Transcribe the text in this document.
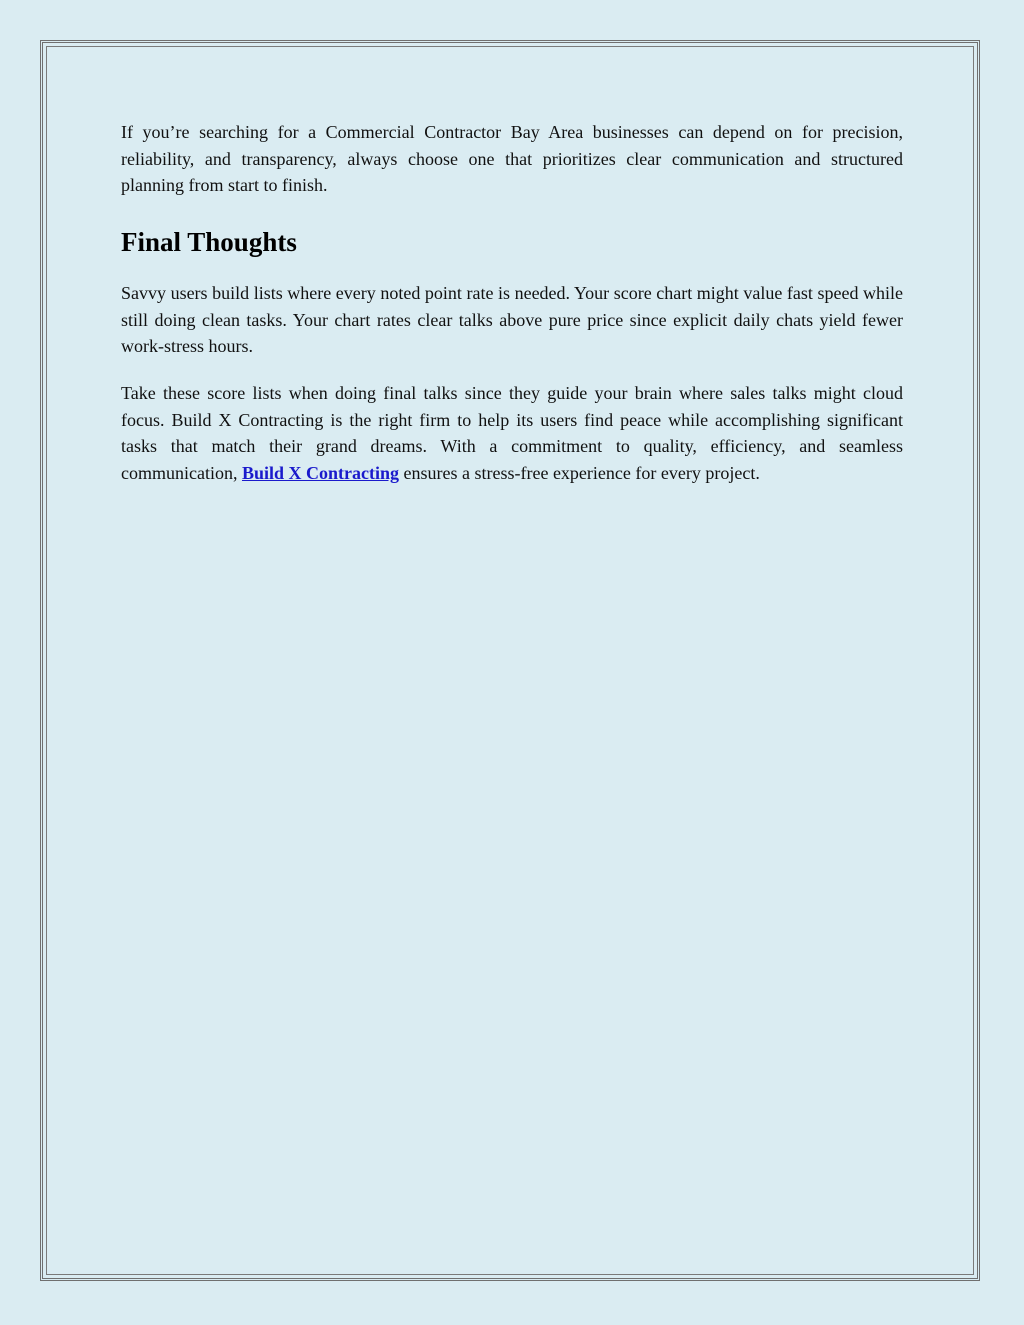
If you’re searching for a Commercial Contractor Bay Area businesses can depend on for precision, reliability, and transparency, always choose one that prioritizes clear communication and structured planning from start to finish.

Final Thoughts

Savvy users build lists where every noted point rate is needed. Your score chart might value fast speed while still doing clean tasks. Your chart rates clear talks above pure price since explicit daily chats yield fewer work-stress hours.

Take these score lists when doing final talks since they guide your brain where sales talks might cloud focus. Build X Contracting is the right firm to help its users find peace while accomplishing significant tasks that match their grand dreams. With a commitment to quality, efficiency, and seamless communication, Build X Contracting ensures a stress-free experience for every project.
